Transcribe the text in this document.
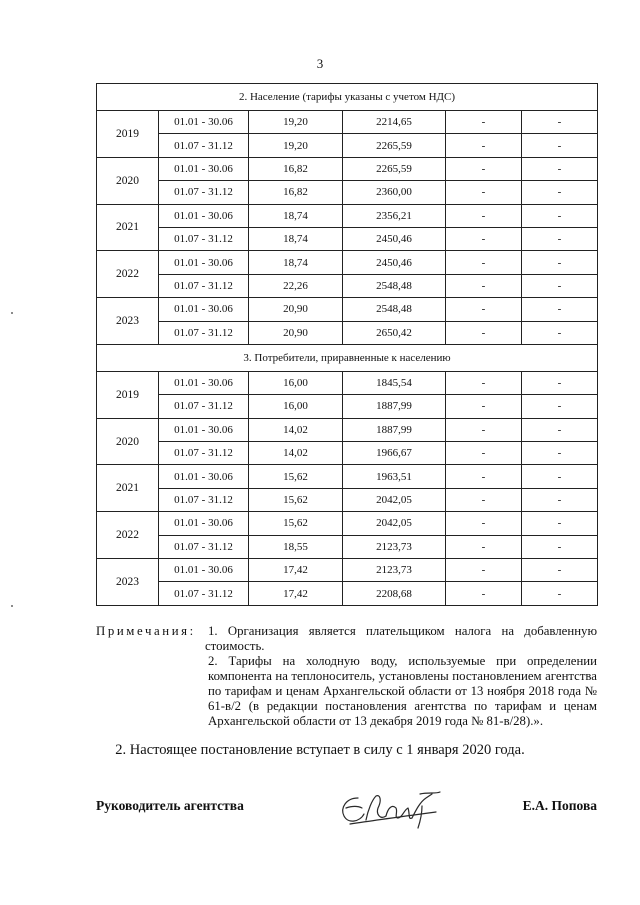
3
2. Население (тарифы указаны с учетом НДС)					
2019	01.01 - 30.06	19,20	2214,65	-	-
	01.07 - 31.12	19,20	2265,59	-	-
2020	01.01 - 30.06	16,82	2265,59	-	-
	01.07 - 31.12	16,82	2360,00	-	-
2021	01.01 - 30.06	18,74	2356,21	-	-
	01.07 - 31.12	18,74	2450,46	-	-
2022	01.01 - 30.06	18,74	2450,46	-	-
	01.07 - 31.12	22,26	2548,48	-	-
2023	01.01 - 30.06	20,90	2548,48	-	-
	01.07 - 31.12	20,90	2650,42	-	-
3. Потребители, приравненные к населению					
2019	01.01 - 30.06	16,00	1845,54	-	-
	01.07 - 31.12	16,00	1887,99	-	-
2020	01.01 - 30.06	14,02	1887,99	-	-
	01.07 - 31.12	14,02	1966,67	-	-
2021	01.01 - 30.06	15,62	1963,51	-	-
	01.07 - 31.12	15,62	2042,05	-	-
2022	01.01 - 30.06	15,62	2042,05	-	-
	01.07 - 31.12	18,55	2123,73	-	-
2023	01.01 - 30.06	17,42	2123,73	-	-
	01.07 - 31.12	17,42	2208,68	-	-
Примечания: 1. Организация является плательщиком налога на добавленную
стоимость.
2. Тарифы на холодную воду, используемые при определении компонента на теплоноситель, установлены постановлением агентства по тарифам и ценам Архангельской области от 13 ноября 2018 года № 61-в/2 (в редакции постановления агентства по тарифам и ценам Архангельской области от 13 декабря 2019 года № 81-в/28).».
2. Настоящее постановление вступает в силу с 1 января 2020 года.
Руководитель агентства	Е.А. Попова
